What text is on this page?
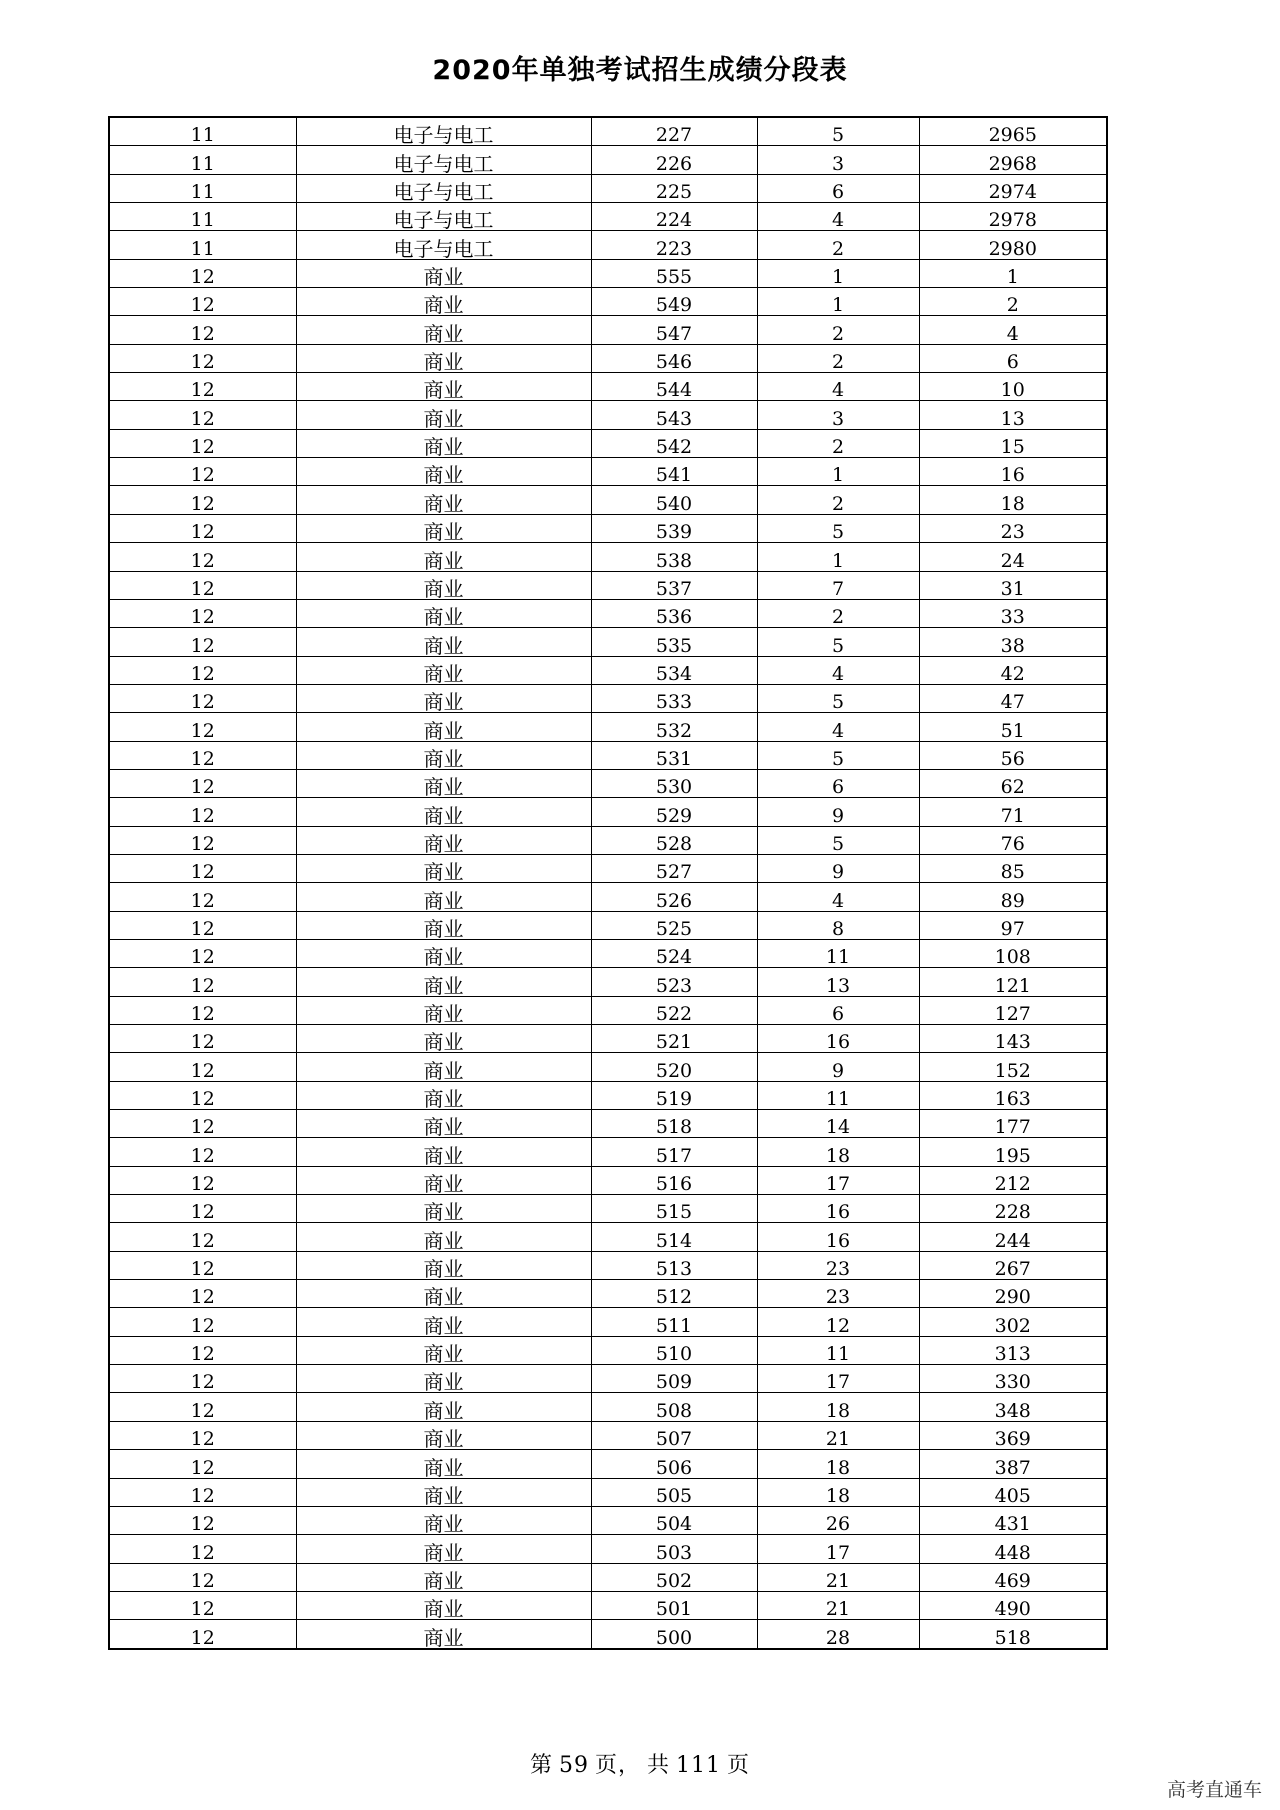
2020年单独考试招生成绩分段表
11	电子与电工	227	5	2965
11	电子与电工	226	3	2968
11	电子与电工	225	6	2974
11	电子与电工	224	4	2978
11	电子与电工	223	2	2980
12	商业	555	1	1
12	商业	549	1	2
12	商业	547	2	4
12	商业	546	2	6
12	商业	544	4	10
12	商业	543	3	13
12	商业	542	2	15
12	商业	541	1	16
12	商业	540	2	18
12	商业	539	5	23
12	商业	538	1	24
12	商业	537	7	31
12	商业	536	2	33
12	商业	535	5	38
12	商业	534	4	42
12	商业	533	5	47
12	商业	532	4	51
12	商业	531	5	56
12	商业	530	6	62
12	商业	529	9	71
12	商业	528	5	76
12	商业	527	9	85
12	商业	526	4	89
12	商业	525	8	97
12	商业	524	11	108
12	商业	523	13	121
12	商业	522	6	127
12	商业	521	16	143
12	商业	520	9	152
12	商业	519	11	163
12	商业	518	14	177
12	商业	517	18	195
12	商业	516	17	212
12	商业	515	16	228
12	商业	514	16	244
12	商业	513	23	267
12	商业	512	23	290
12	商业	511	12	302
12	商业	510	11	313
12	商业	509	17	330
12	商业	508	18	348
12	商业	507	21	369
12	商业	506	18	387
12	商业	505	18	405
12	商业	504	26	431
12	商业	503	17	448
12	商业	502	21	469
12	商业	501	21	490
12	商业	500	28	518
第 59 页， 共 111 页
高考直通车
